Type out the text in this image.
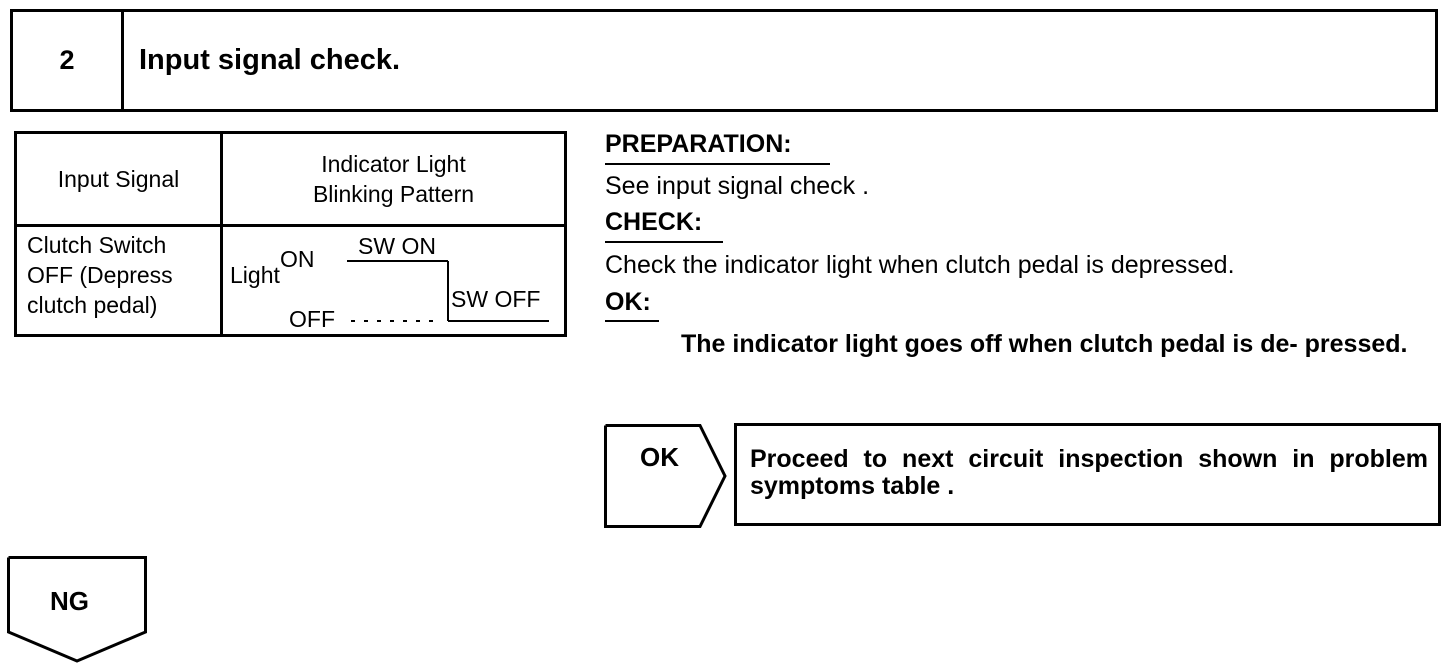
2	Input signal check.
Input Signal
Indicator Light
Blinking Pattern
Clutch Switch
OFF (Depress
clutch pedal)
Light
ON
OFF
SW ON
SW OFF
PREPARATION:
See input signal check .
CHECK:
Check the indicator light when clutch pedal is depressed.
OK:
The indicator light goes off when clutch pedal is de- pressed.
OK	Proceed to next circuit inspection shown in problem symptoms table .
NG
